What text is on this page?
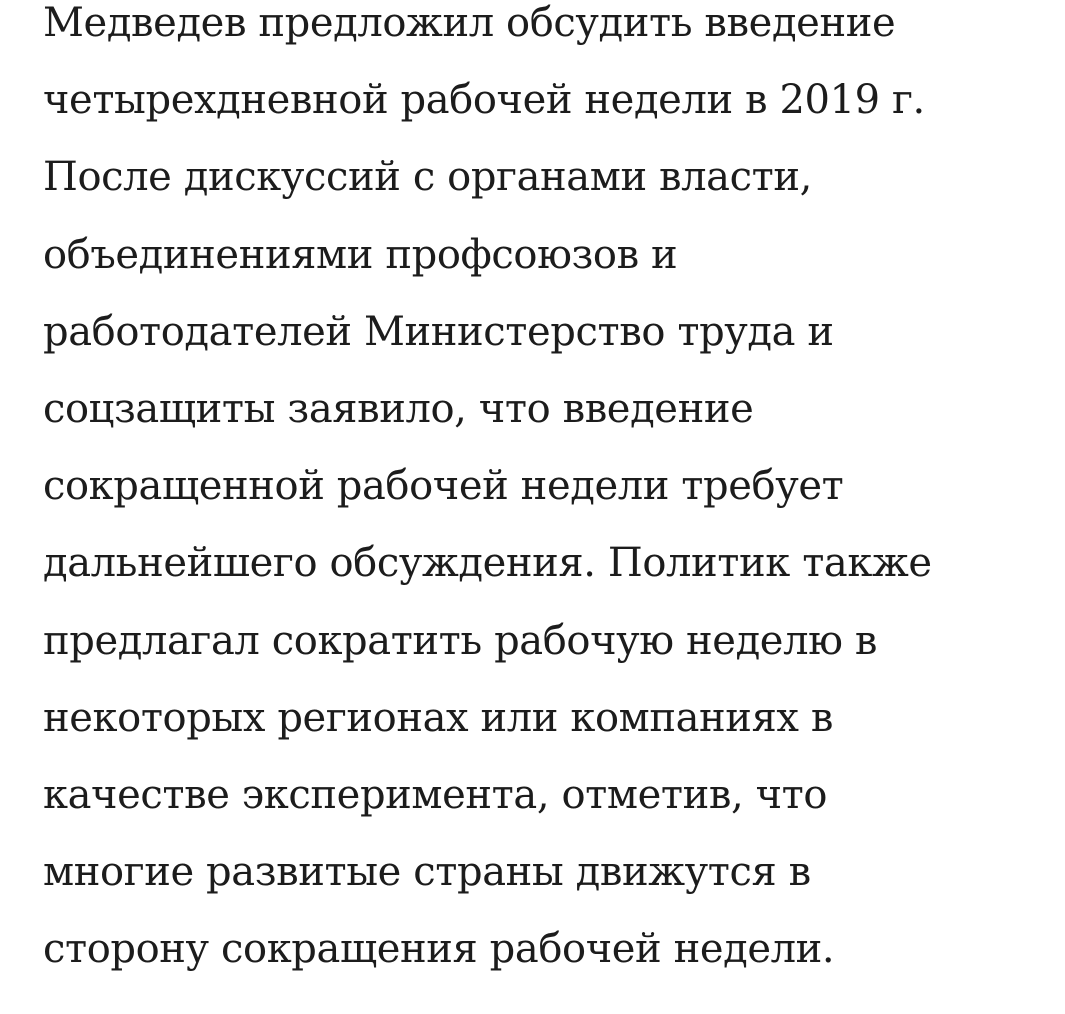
Медведев предложил обсудить введение
четырехдневной рабочей недели в 2019 г.
После дискуссий с органами власти,
объединениями профсоюзов и
работодателей Министерство труда и
соцзащиты заявило, что введение
сокращенной рабочей недели требует
дальнейшего обсуждения. Политик также
предлагал сократить рабочую неделю в
некоторых регионах или компаниях в
качестве эксперимента, отметив, что
многие развитые страны движутся в
сторону сокращения рабочей недели.
